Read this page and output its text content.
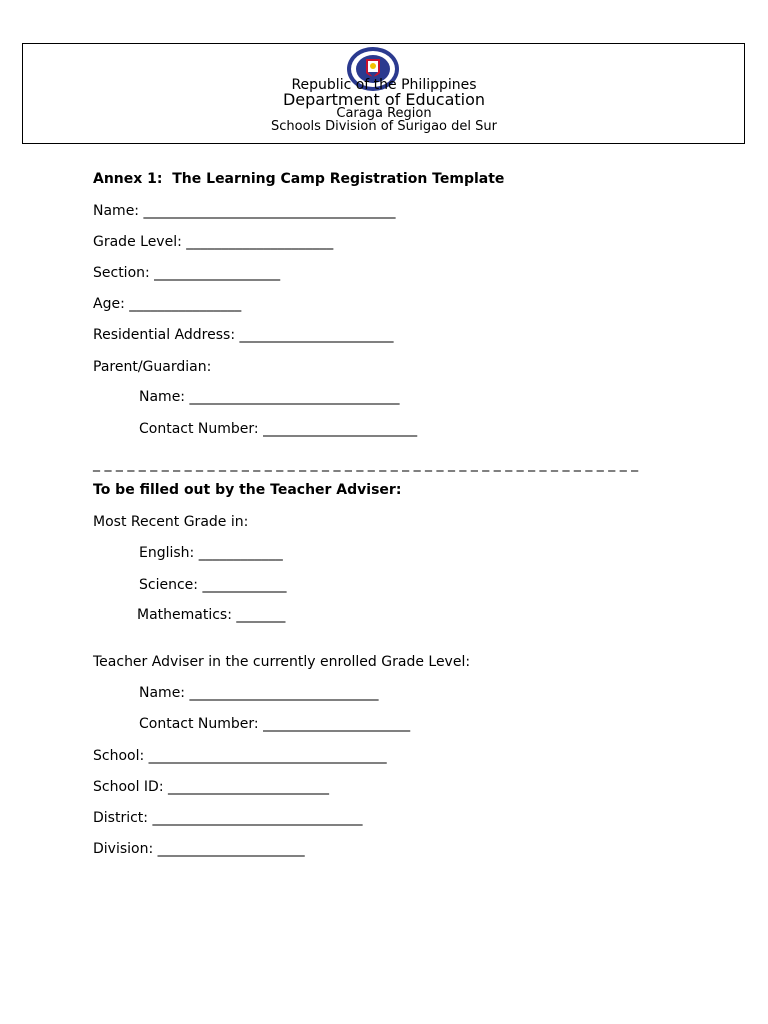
Republic of the Philippines
Department of Education
Caraga Region
Schools Division of Surigao del Sur
Annex 1:  The Learning Camp Registration Template
Name: ____________________________________
Grade Level: _____________________
Section: __________________
Age: ________________
Residential Address: ______________________
Parent/Guardian:
Name: ______________________________
Contact Number: ______________________
_ _ _ _ _ _ _ _ _ _ _ _ _ _ _ _ _ _ _ _ _ _ _ _ _ _ _ _ _ _ _ _ _ _ _ _ _ _ _ _ _ _ _ _ _ _ _ _
To be filled out by the Teacher Adviser:
Most Recent Grade in:
English: ____________
Science: ____________
Mathematics: _______
Teacher Adviser in the currently enrolled Grade Level:
Name: ___________________________
Contact Number: _____________________
School: __________________________________
School ID: _______________________
District: ______________________________
Division: _____________________
